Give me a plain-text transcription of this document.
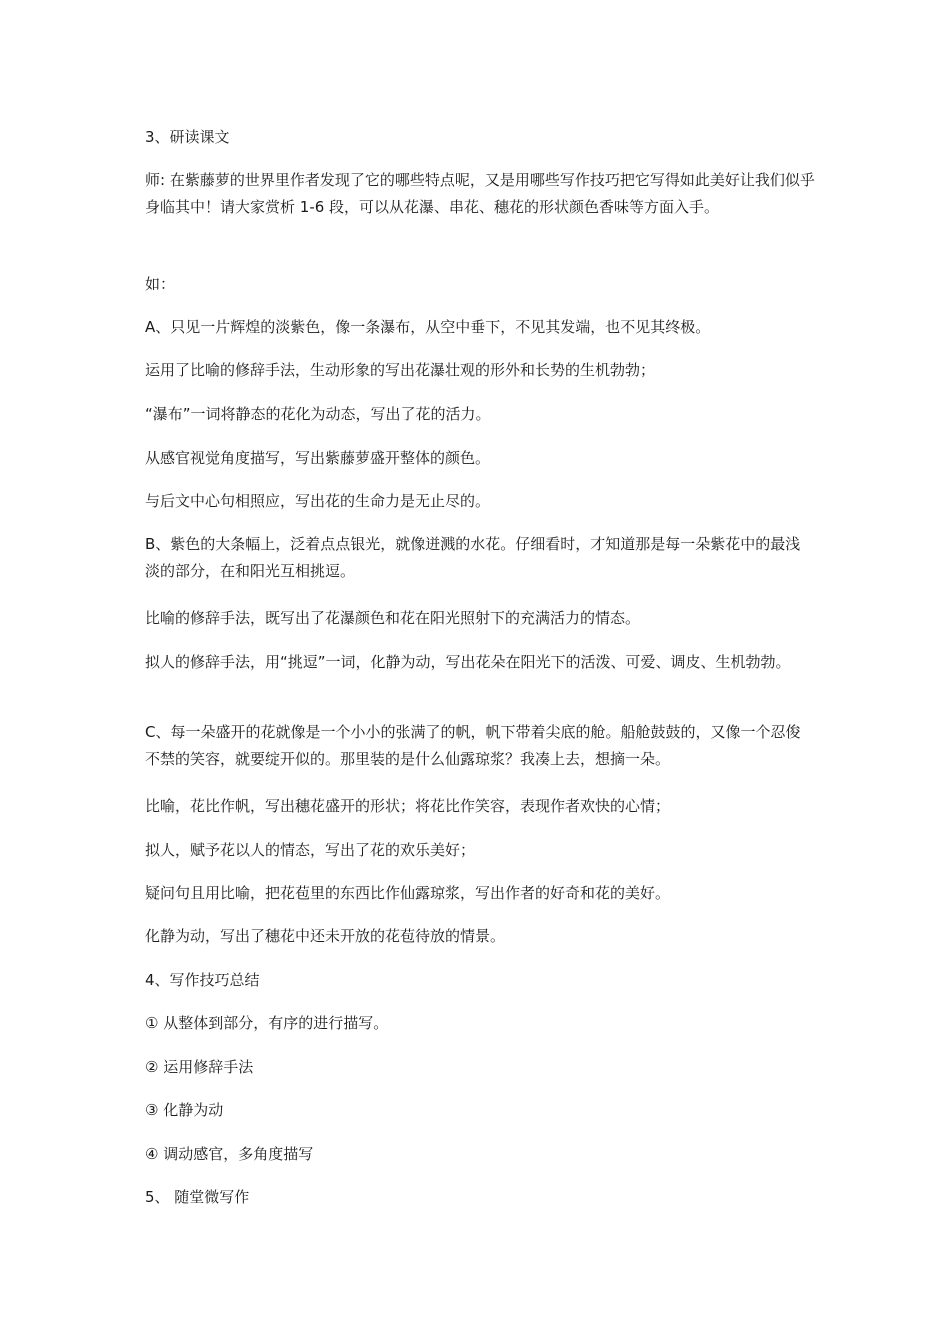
3、研读课文

师: 在紫藤萝的世界里作者发现了它的哪些特点呢，又是用哪些写作技巧把它写得如此美好让我们似乎身临其中！请大家赏析 1-6 段，可以从花瀑、串花、穗花的形状颜色香味等方面入手。

如：

A、只见一片辉煌的淡紫色，像一条瀑布，从空中垂下，不见其发端，也不见其终极。

运用了比喻的修辞手法，生动形象的写出花瀑壮观的形外和长势的生机勃勃；

“瀑布”一词将静态的花化为动态，写出了花的活力。

从感官视觉角度描写，写出紫藤萝盛开整体的颜色。

与后文中心句相照应，写出花的生命力是无止尽的。

B、紫色的大条幅上，泛着点点银光，就像迸溅的水花。仔细看时，才知道那是每一朵紫花中的最浅淡的部分，在和阳光互相挑逗。

比喻的修辞手法，既写出了花瀑颜色和花在阳光照射下的充满活力的情态。

拟人的修辞手法，用“挑逗”一词，化静为动，写出花朵在阳光下的活泼、可爱、调皮、生机勃勃。

C、每一朵盛开的花就像是一个小小的张满了的帆，帆下带着尖底的舱。船舱鼓鼓的，又像一个忍俊不禁的笑容，就要绽开似的。那里装的是什么仙露琼浆？我凑上去，想摘一朵。

比喻，花比作帆，写出穗花盛开的形状；将花比作笑容，表现作者欢快的心情；

拟人，赋予花以人的情态，写出了花的欢乐美好；

疑问句且用比喻，把花苞里的东西比作仙露琼浆，写出作者的好奇和花的美好。

化静为动，写出了穗花中还未开放的花苞待放的情景。

4、写作技巧总结

① 从整体到部分，有序的进行描写。

② 运用修辞手法

③ 化静为动

④ 调动感官，多角度描写

5、 随堂微写作
